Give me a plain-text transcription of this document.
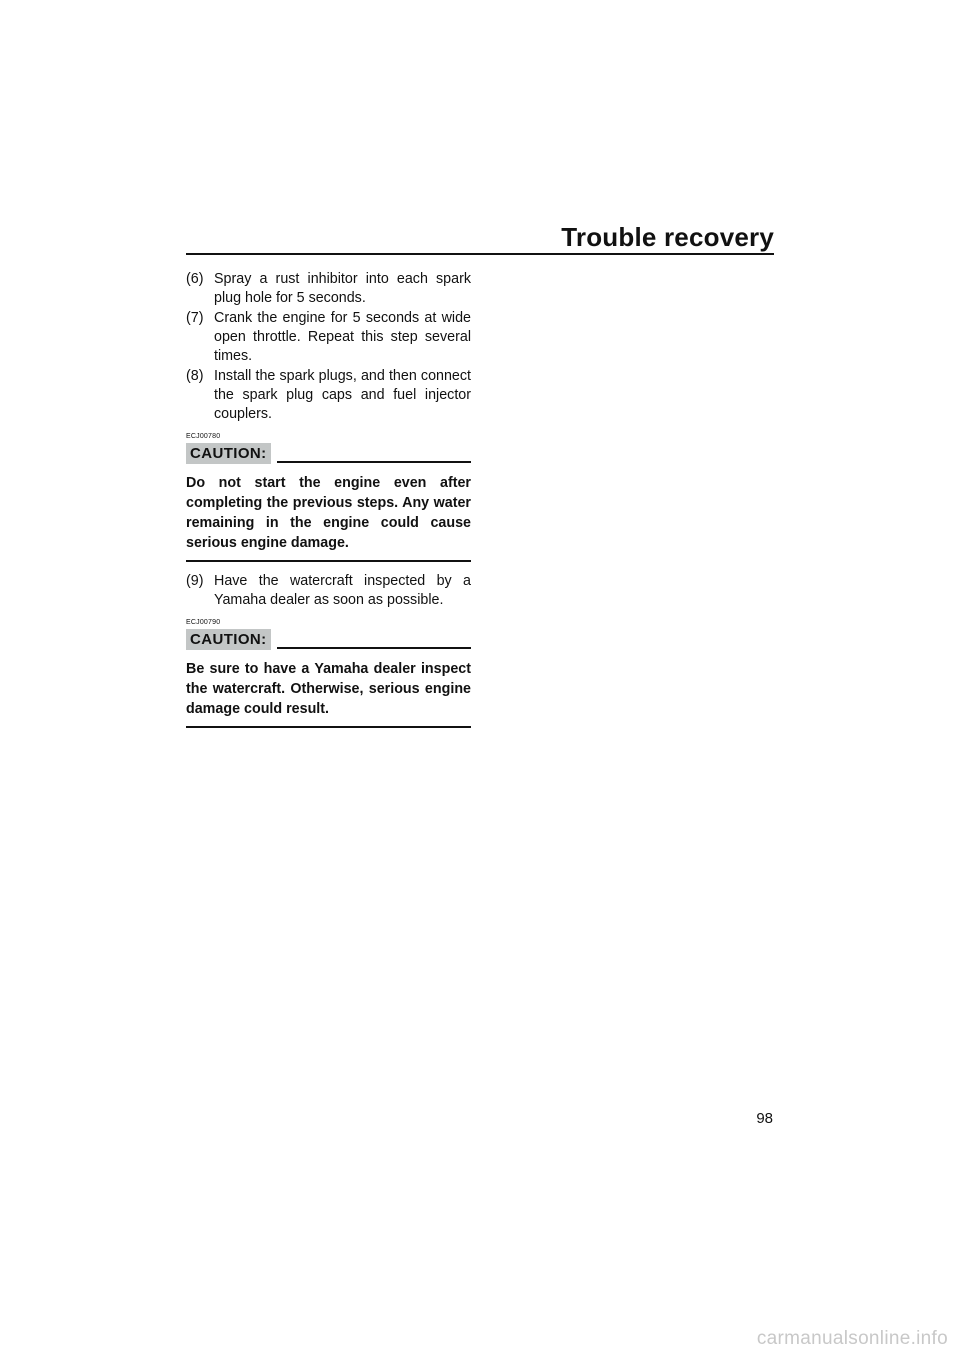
Trouble recovery
(6) Spray a rust inhibitor into each spark plug hole for 5 seconds.
(7) Crank the engine for 5 seconds at wide open throttle. Repeat this step several times.
(8) Install the spark plugs, and then connect the spark plug caps and fuel injector couplers.
ECJ00780
CAUTION:
Do not start the engine even after completing the previous steps. Any water remaining in the engine could cause serious engine damage.
(9) Have the watercraft inspected by a Yamaha dealer as soon as possible.
ECJ00790
CAUTION:
Be sure to have a Yamaha dealer inspect the watercraft. Otherwise, serious engine damage could result.
98
carmanualsonline.info
